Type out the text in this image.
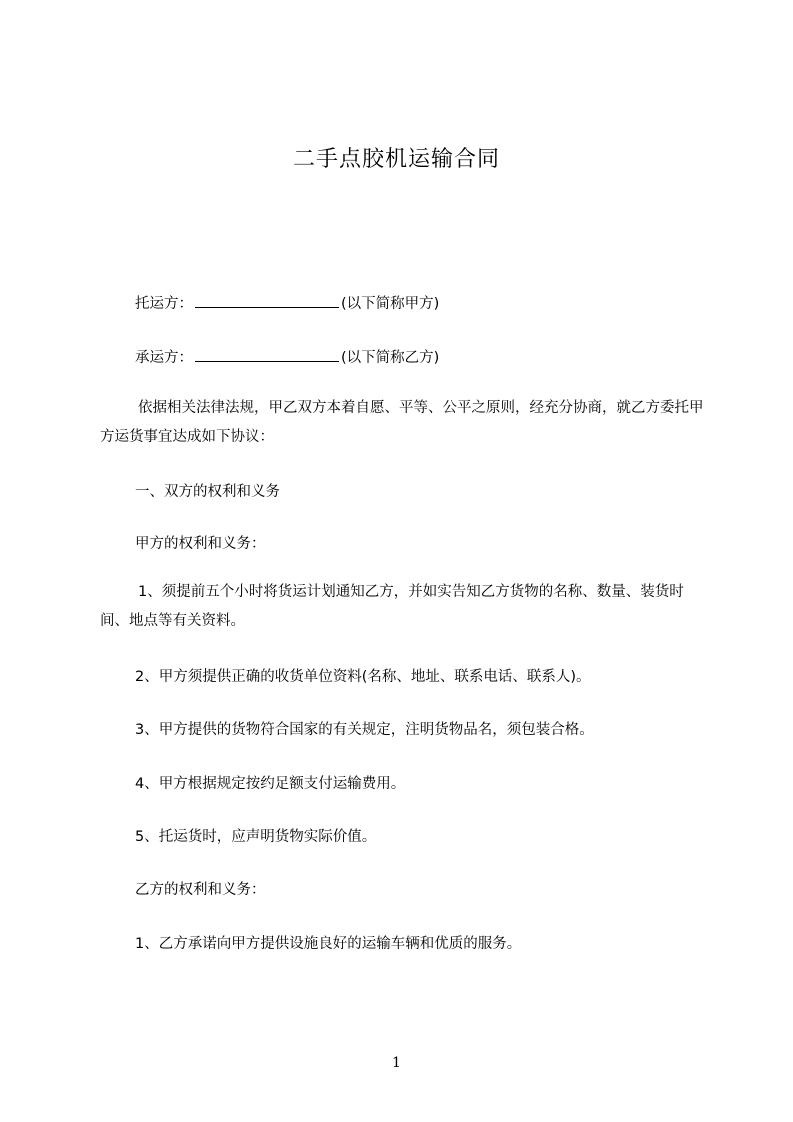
二手点胶机运输合同
托运方：	(以下简称甲方)
承运方：	(以下简称乙方)
依据相关法律法规，甲乙双方本着自愿、平等、公平之原则，经充分协商，就乙方委托甲方运货事宜达成如下协议：
一、双方的权利和义务
甲方的权利和义务：
1、须提前五个小时将货运计划通知乙方，并如实告知乙方货物的名称、数量、装货时间、地点等有关资料。
2、甲方须提供正确的收货单位资料(名称、地址、联系电话、联系人)。
3、甲方提供的货物符合国家的有关规定，注明货物品名，须包装合格。
4、甲方根据规定按约足额支付运输费用。
5、托运货时，应声明货物实际价值。
乙方的权利和义务：
1、乙方承诺向甲方提供设施良好的运输车辆和优质的服务。
1
